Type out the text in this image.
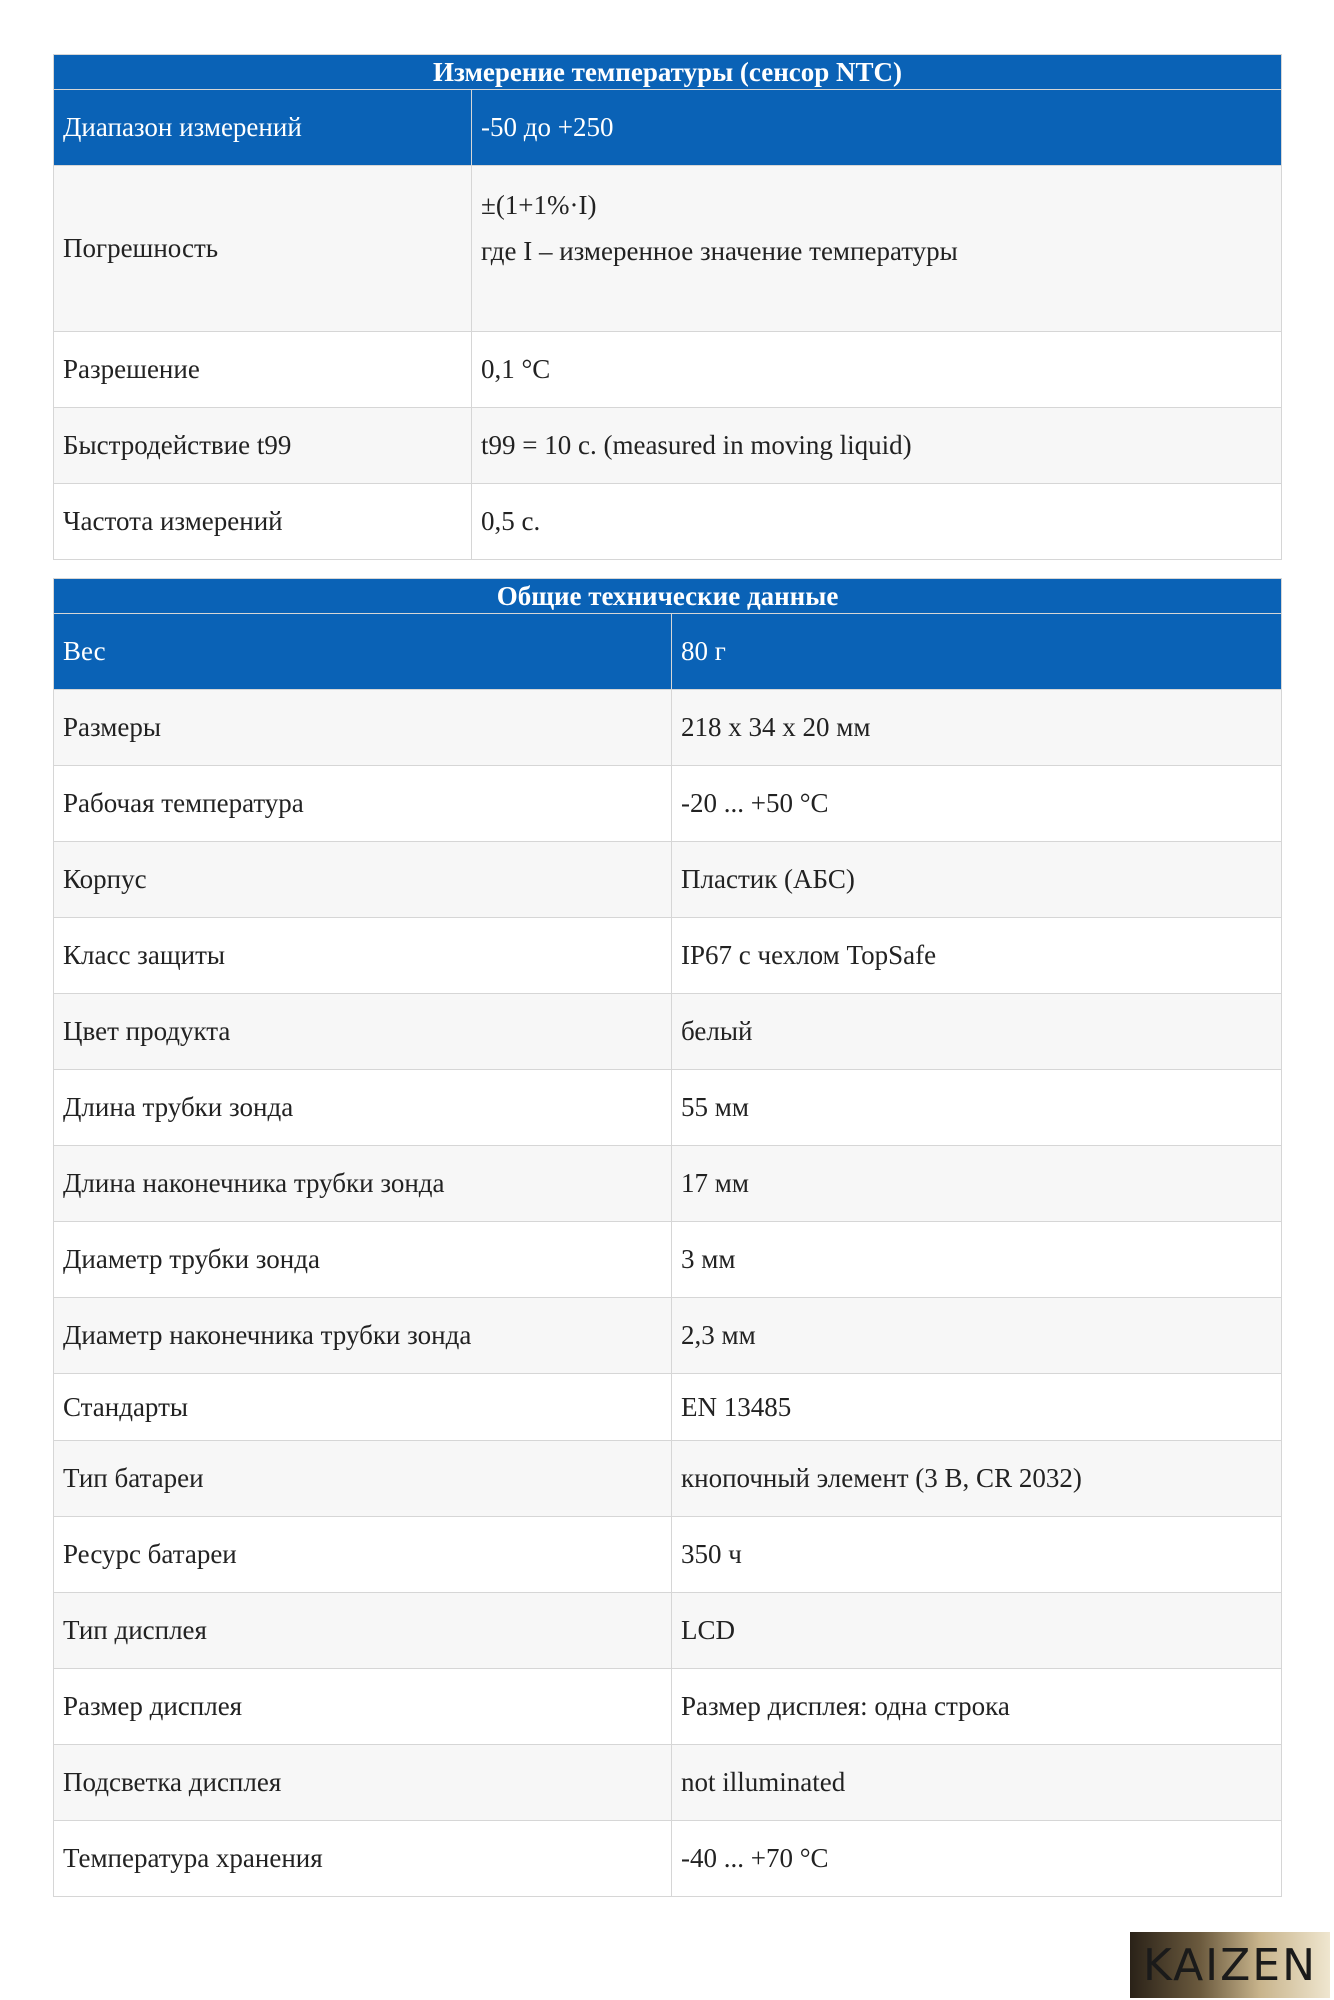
Измерение температуры (сенсор NTC)	
Диапазон измерений	-50 до +250
Погрешность	±(1+1%·I)
где I – измеренное значение температуры

Разрешение	0,1 °C
Быстродействие t99	t99 = 10 с. (measured in moving liquid)
Частота измерений	0,5 с.
Общие технические данные	
Вес	80 г
Размеры	218 x 34 x 20 мм
Рабочая температура	-20 ... +50 °C
Корпус	Пластик (АБС)
Класс защиты	IP67 с чехлом TopSafe
Цвет продукта	белый
Длина трубки зонда	55 мм
Длина наконечника трубки зонда	17 мм
Диаметр трубки зонда	3 мм
Диаметр наконечника трубки зонда	2,3 мм
Стандарты	EN 13485
Тип батареи	кнопочный элемент (3 В, CR 2032)
Ресурс батареи	350 ч
Тип дисплея	LCD
Размер дисплея	Размер дисплея: одна строка
Подсветка дисплея	not illuminated
Температура хранения	-40 ... +70 °C
KAIZEN
